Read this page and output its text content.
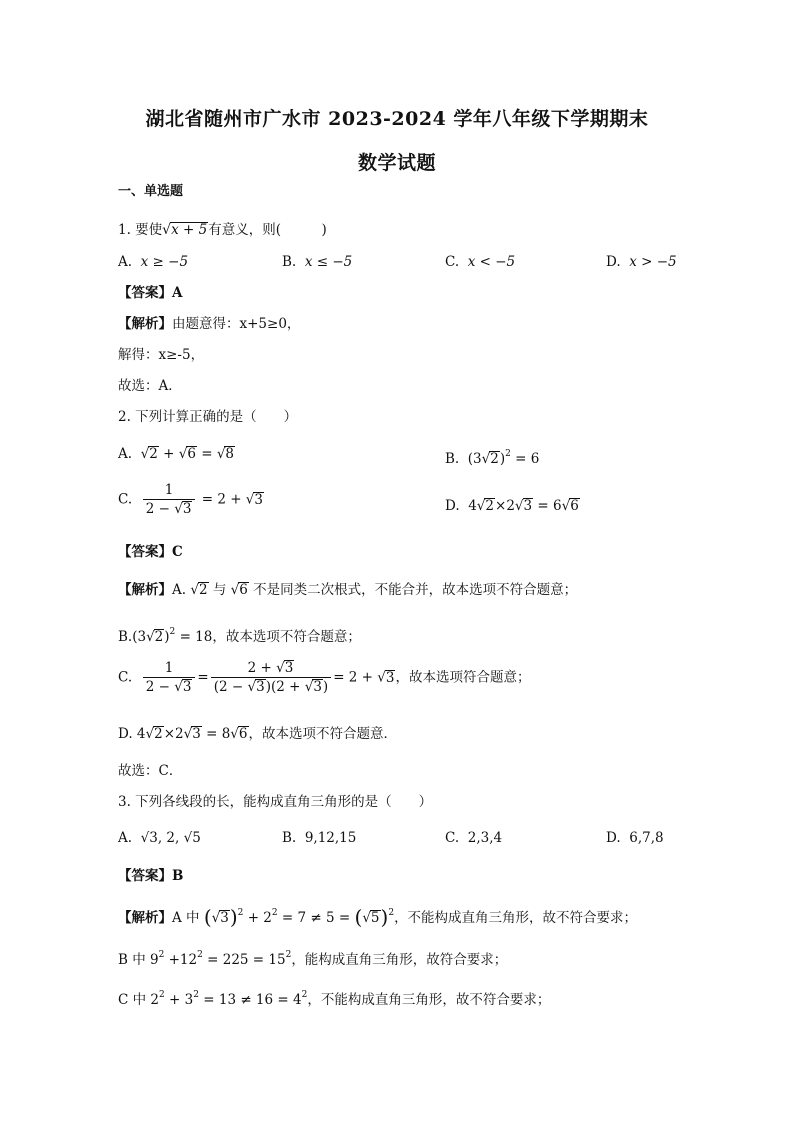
湖北省随州市广水市 2023-2024 学年八年级下学期期末
数学试题
一、单选题
1. 要使√x + 5有意义，则(　　　)
A. x ≥ −5	B. x ≤ −5	C. x < −5	D. x > −5
【答案】A
【解析】由题意得：x+5≥0，
解得：x≥-5，
故选：A．
2. 下列计算正确的是（　　）
A.  √2 + √6 = √8	B.  $(3√2)^2 = 6$
C. $\frac{1}{2 - √3} = 2 + √3$	D.  4√2×2√3 = 6√6
【答案】C
【解析】A. √2 与 √6 不是同类二次根式，不能合并，故本选项不符合题意；
$B.(3√2)^2 = 18$，故本选项不符合题意；
C. $\frac{1}{2 - √3} = \frac{2 + √3}{(2 - √3)(2 + √3)} = 2 + √3$，故本选项符合题意；
D. 4√2×2√3 = 8√6，故本选项不符合题意．
故选：C．
3. 下列各线段的长，能构成直角三角形的是（　　）
A. √3, 2, √5	B. 9,12,15	C. 2,3,4	D. 6,7,8
【答案】B
【解析】A 中 $(√3)^2 + 2^2 = 7 \ne 5 = (√5)^2$，不能构成直角三角形，故不符合要求；
B 中 $9^2 +12^2 = 225 = 15^2$，能构成直角三角形，故符合要求；
C 中 $2^2 + 3^2 = 13 \ne 16 = 4^2$，不能构成直角三角形，故不符合要求；
